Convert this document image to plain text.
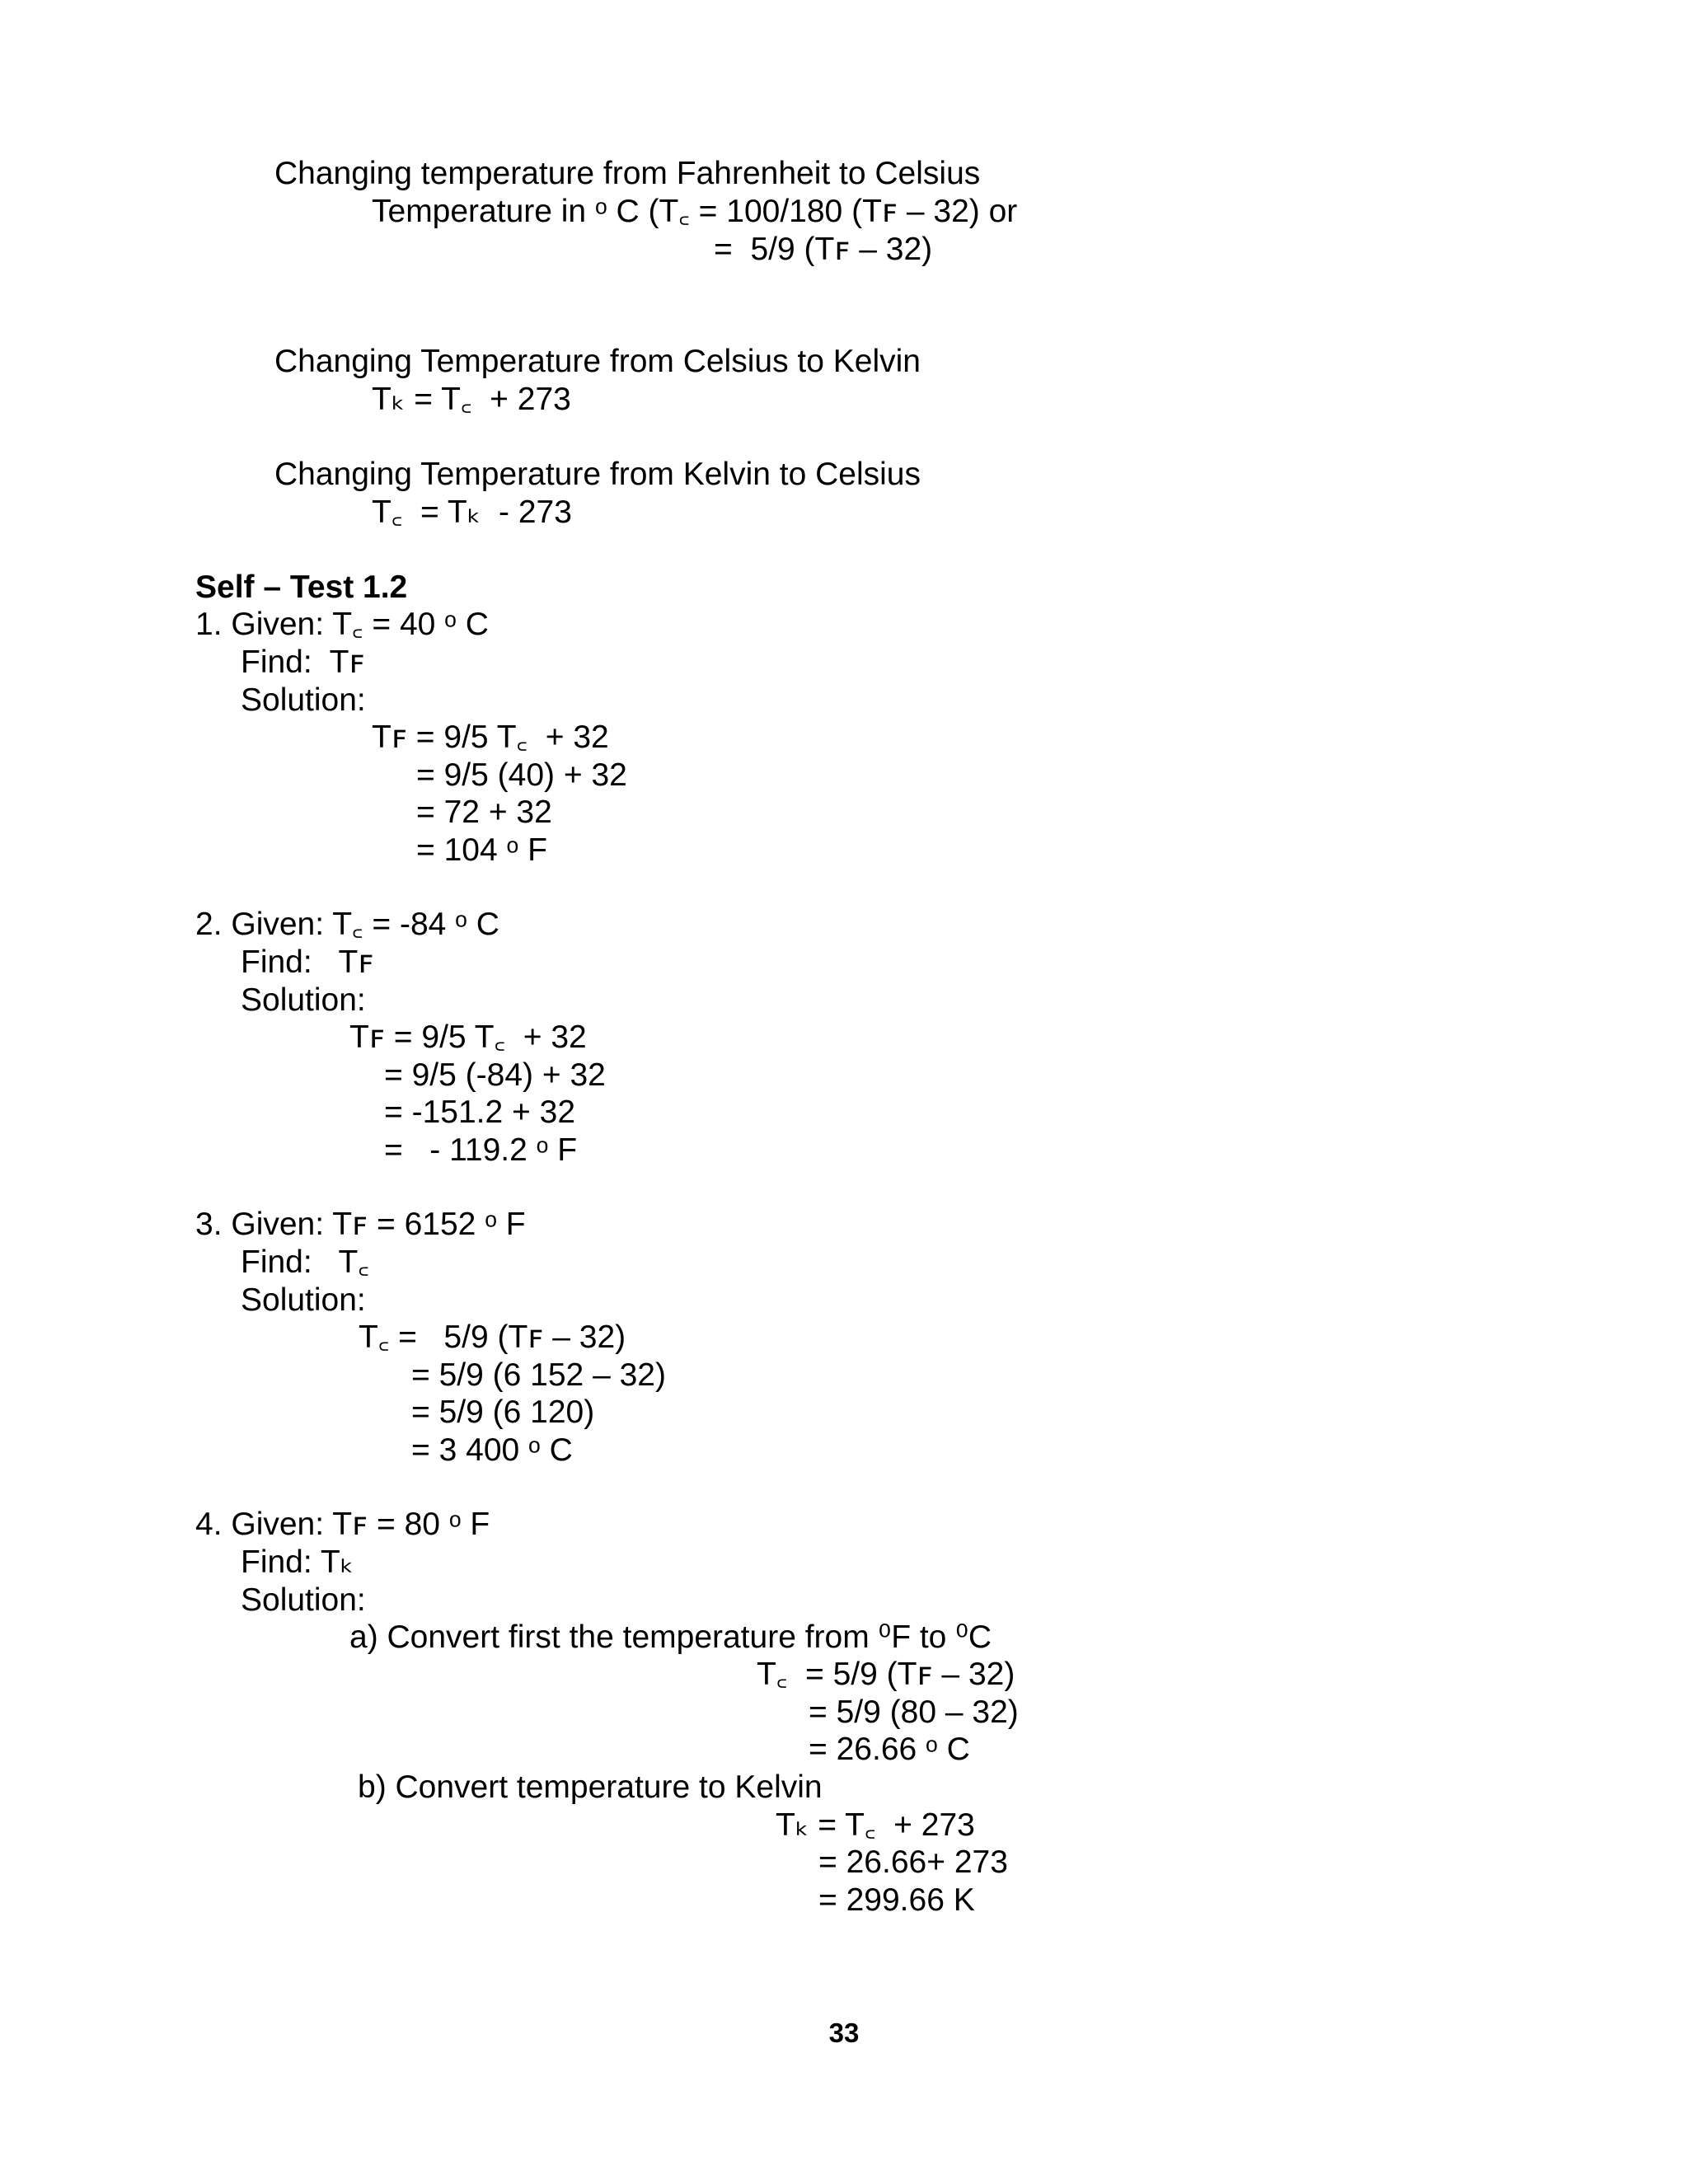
Changing temperature from Fahrenheit to Celsius
Temperature in ᵒ C (T꜀ = 100/180 (Tꜰ – 32) or
=  5/9 (Tꜰ – 32)
Changing Temperature from Celsius to Kelvin
Tₖ = T꜀  + 273
Changing Temperature from Kelvin to Celsius
T꜀  = Tₖ  - 273
Self – Test 1.2
1. Given: T꜀ = 40 ᵒ C
Find:  Tꜰ
Solution:
Tꜰ = 9/5 T꜀  + 32
= 9/5 (40) + 32
= 72 + 32
= 104 ᵒ F
2. Given: T꜀ = -84 ᵒ C
Find:   Tꜰ
Solution:
Tꜰ = 9/5 T꜀  + 32
= 9/5 (-84) + 32
= -151.2 + 32
=   - 119.2 ᵒ F
3. Given: Tꜰ = 6152 ᵒ F
Find:   T꜀
Solution:
T꜀ =   5/9 (Tꜰ – 32)
= 5/9 (6 152 – 32)
= 5/9 (6 120)
= 3 400 ᵒ C
4. Given: Tꜰ = 80 ᵒ F
Find: Tₖ
Solution:
a) Convert first the temperature from ⁰F to ⁰C
T꜀  = 5/9 (Tꜰ – 32)
= 5/9 (80 – 32)
= 26.66 ᵒ C
b) Convert temperature to Kelvin
Tₖ = T꜀  + 273
= 26.66+ 273
= 299.66 K
33
